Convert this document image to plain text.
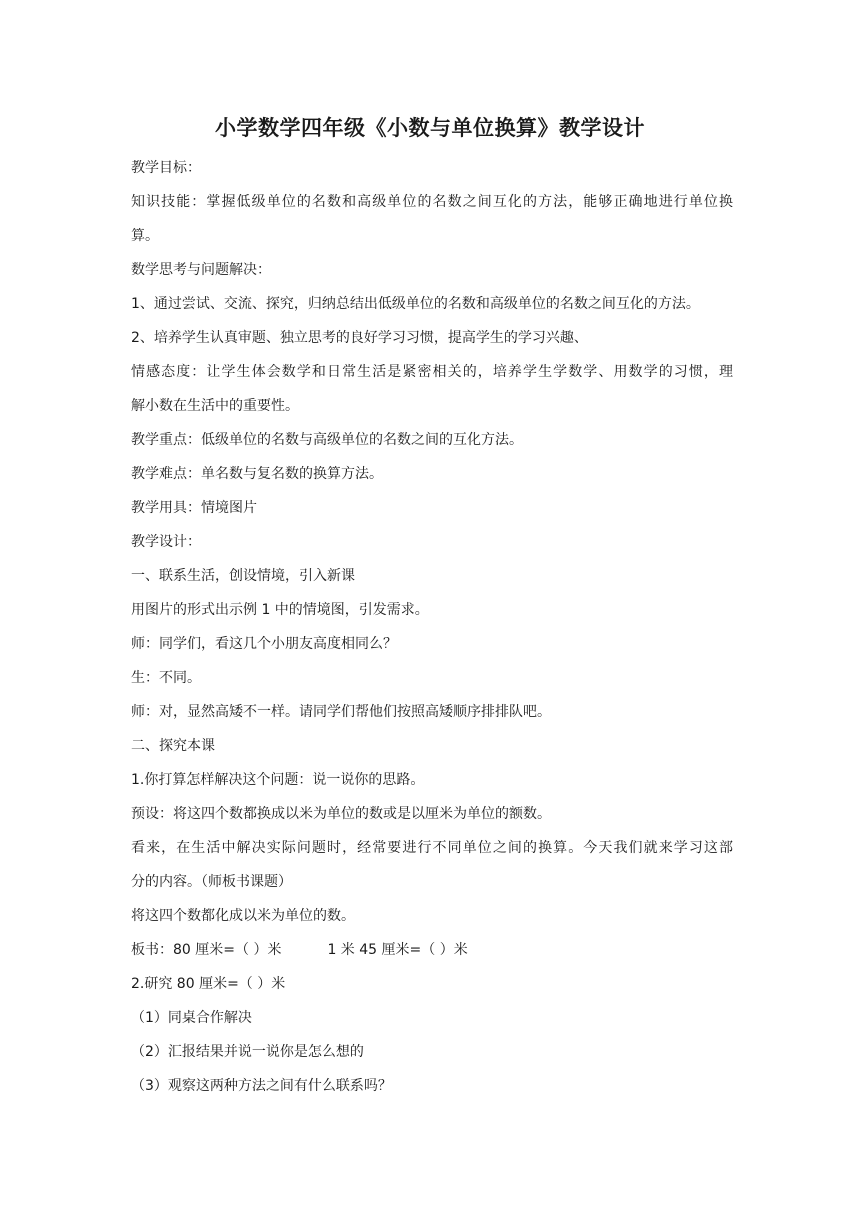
小学数学四年级《小数与单位换算》教学设计

教学目标：

知识技能：掌握低级单位的名数和高级单位的名数之间互化的方法，能够正确地进行单位换

算。

数学思考与问题解决：

1、通过尝试、交流、探究，归纳总结出低级单位的名数和高级单位的名数之间互化的方法。

2、培养学生认真审题、独立思考的良好学习习惯，提高学生的学习兴趣、

情感态度：让学生体会数学和日常生活是紧密相关的，培养学生学数学、用数学的习惯，理

解小数在生活中的重要性。

教学重点：低级单位的名数与高级单位的名数之间的互化方法。

教学难点：单名数与复名数的换算方法。

教学用具：情境图片

教学设计：

一、联系生活，创设情境，引入新课

用图片的形式出示例 1 中的情境图，引发需求。

师：同学们，看这几个小朋友高度相同么？

生：不同。

师：对，显然高矮不一样。请同学们帮他们按照高矮顺序排排队吧。

二、探究本课

1.你打算怎样解决这个问题：说一说你的思路。

预设：将这四个数都换成以米为单位的数或是以厘米为单位的额数。

看来，在生活中解决实际问题时，经常要进行不同单位之间的换算。今天我们就来学习这部

分的内容。（师板书课题）

将这四个数都化成以米为单位的数。

板书：80 厘米=（ ）米	1 米 45 厘米=（ ）米

2.研究 80 厘米=（ ）米

（1）同桌合作解决

（2）汇报结果并说一说你是怎么想的

（3）观察这两种方法之间有什么联系吗？
